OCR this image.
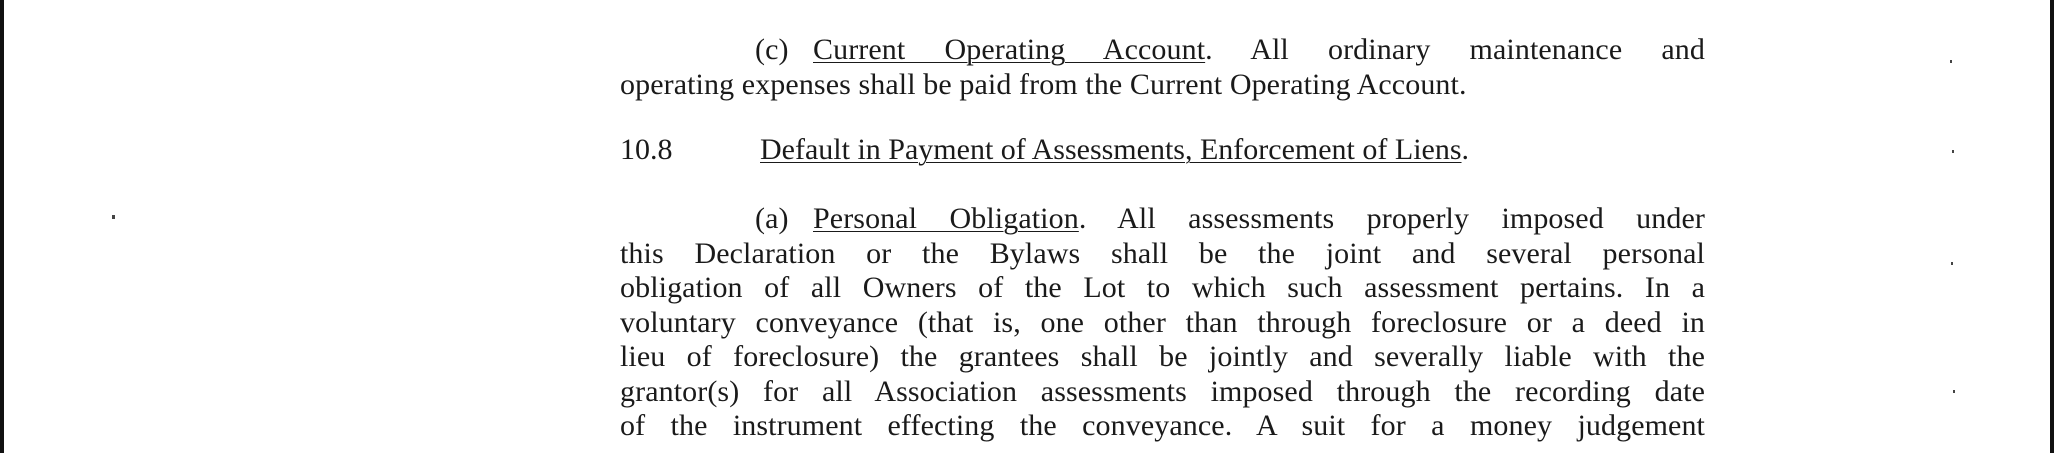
(c) Current Operating Account. All ordinary maintenance and
operating expenses shall be paid from the Current Operating Account.
10.8	Default in Payment of Assessments, Enforcement of Liens.
(a) Personal Obligation. All assessments properly imposed under
this Declaration or the Bylaws shall be the joint and several personal
obligation of all Owners of the Lot to which such assessment pertains. In a
voluntary conveyance (that is, one other than through foreclosure or a deed in
lieu of foreclosure) the grantees shall be jointly and severally liable with the
grantor(s) for all Association assessments imposed through the recording date
of the instrument effecting the conveyance. A suit for a money judgement
